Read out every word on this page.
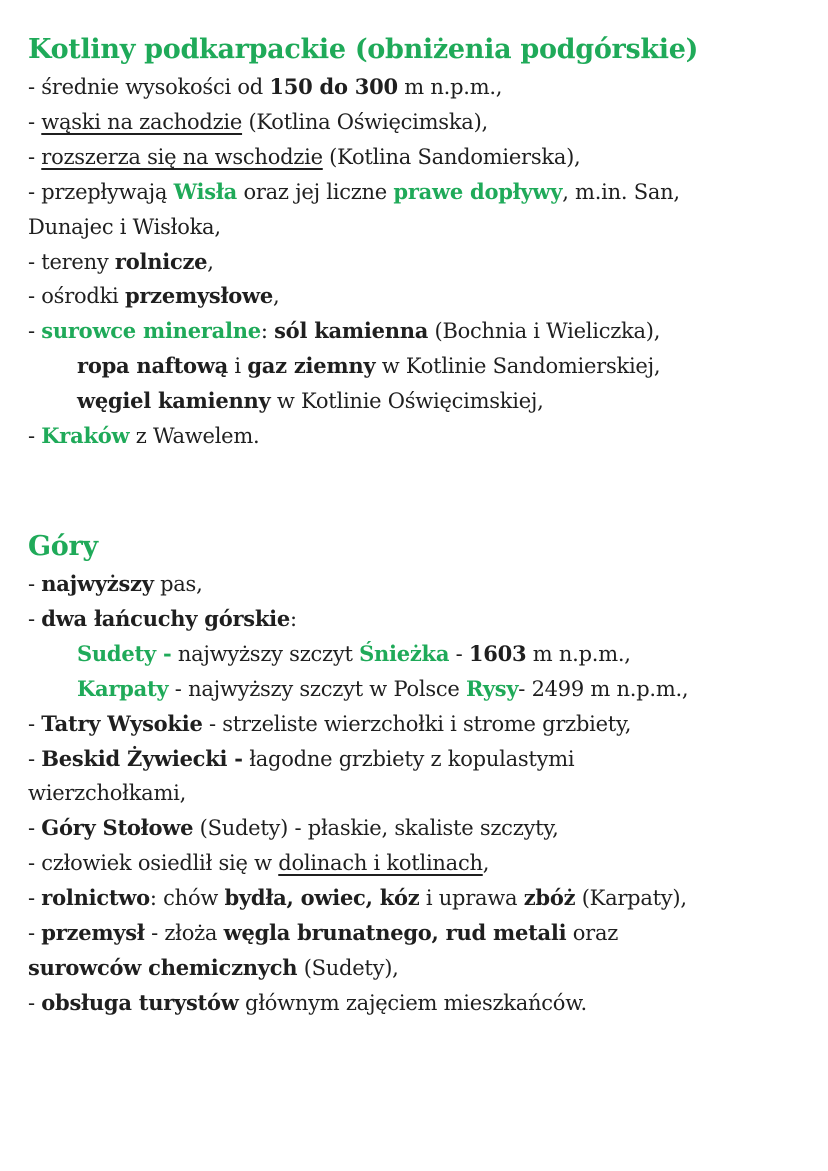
Kotliny podkarpackie (obniżenia podgórskie)
- średnie wysokości od 150 do 300 m n.p.m.,
- wąski na zachodzie (Kotlina Oświęcimska),
- rozszerza się na wschodzie (Kotlina Sandomierska),
- przepływają Wisła oraz jej liczne prawe dopływy, m.in. San,
Dunajec i Wisłoka,
- tereny rolnicze,
- ośrodki przemysłowe,
- surowce mineralne: sól kamienna (Bochnia i Wieliczka),
ropa naftową i gaz ziemny w Kotlinie Sandomierskiej,
węgiel kamienny w Kotlinie Oświęcimskiej,
- Kraków z Wawelem.
Góry
- najwyższy pas,
- dwa łańcuchy górskie:
Sudety - najwyższy szczyt Śnieżka - 1603 m n.p.m.,
Karpaty - najwyższy szczyt w Polsce Rysy- 2499 m n.p.m.,
- Tatry Wysokie - strzeliste wierzchołki i strome grzbiety,
- Beskid Żywiecki - łagodne grzbiety z kopulastymi
wierzchołkami,
- Góry Stołowe (Sudety) - płaskie, skaliste szczyty,
- człowiek osiedlił się w dolinach i kotlinach,
- rolnictwo: chów bydła, owiec, kóz i uprawa zbóż (Karpaty),
- przemysł - złoża węgla brunatnego, rud metali oraz
surowców chemicznych (Sudety),
- obsługa turystów głównym zajęciem mieszkańców.
